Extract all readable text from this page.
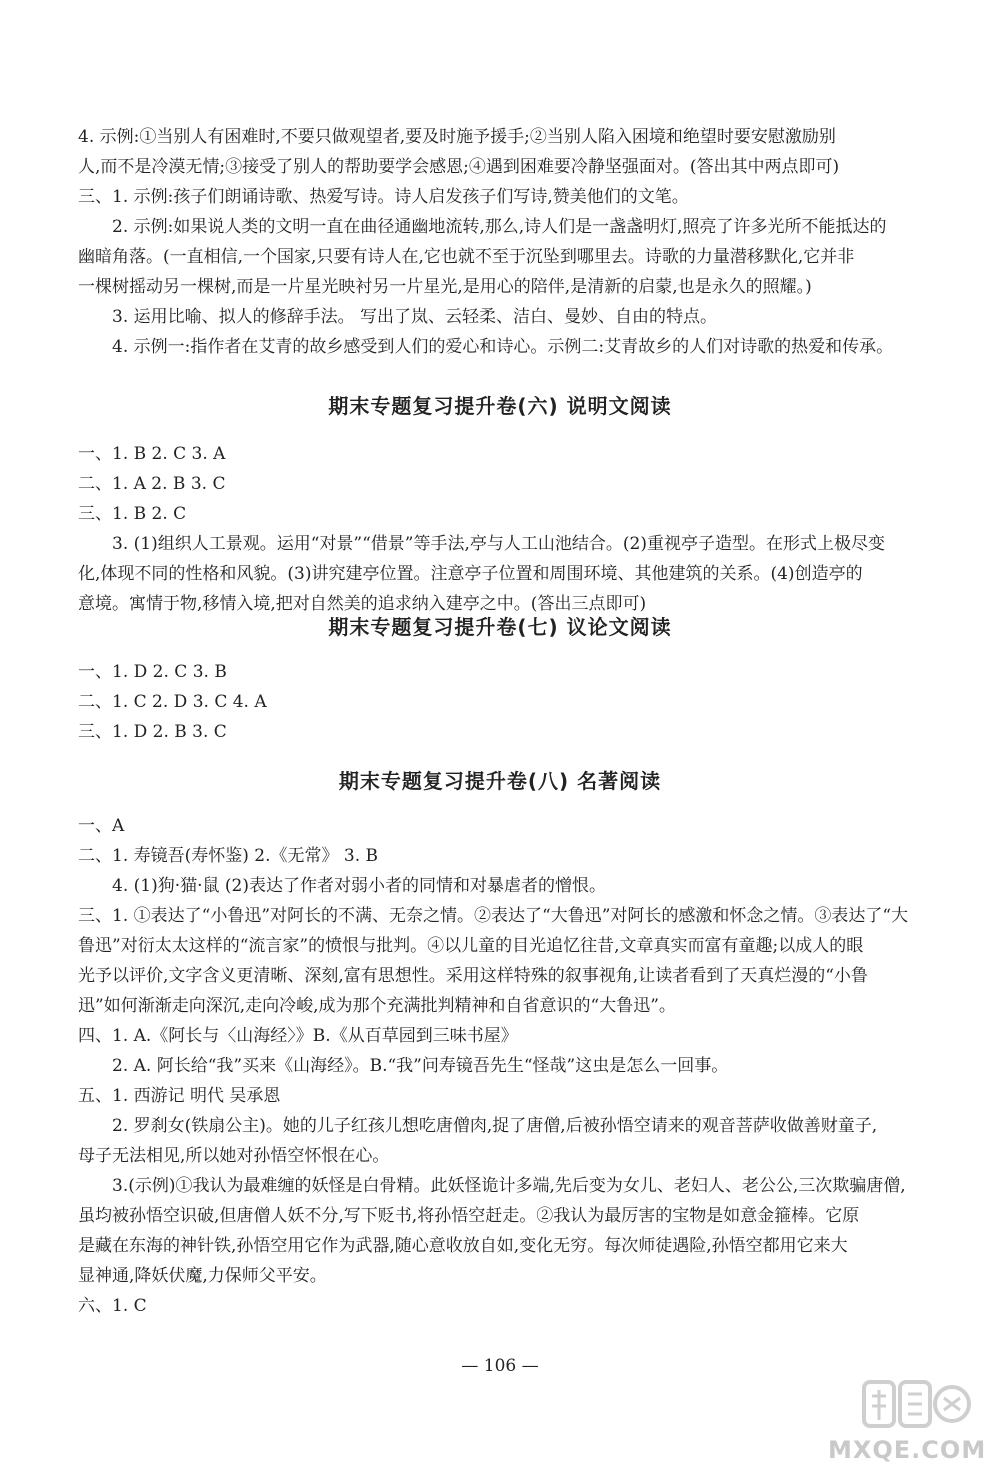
4. 示例:①当别人有困难时,不要只做观望者,要及时施予援手;②当别人陷入困境和绝望时要安慰激励别
人,而不是冷漠无情;③接受了别人的帮助要学会感恩;④遇到困难要冷静坚强面对。(答出其中两点即可)
三、1. 示例:孩子们朗诵诗歌、热爱写诗。诗人启发孩子们写诗,赞美他们的文笔。
2. 示例:如果说人类的文明一直在曲径通幽地流转,那么,诗人们是一盏盏明灯,照亮了许多光所不能抵达的
幽暗角落。(一直相信,一个国家,只要有诗人在,它也就不至于沉坠到哪里去。诗歌的力量潜移默化,它并非
一棵树摇动另一棵树,而是一片星光映衬另一片星光,是用心的陪伴,是清新的启蒙,也是永久的照耀。)
3. 运用比喻、拟人的修辞手法。 写出了岚、云轻柔、洁白、曼妙、自由的特点。
4. 示例一:指作者在艾青的故乡感受到人们的爱心和诗心。示例二:艾青故乡的人们对诗歌的热爱和传承。
期末专题复习提升卷(六) 说明文阅读
一、1. B 2. C 3. A
二、1. A 2. B 3. C
三、1. B 2. C
3. (1)组织人工景观。运用“对景”“借景”等手法,亭与人工山池结合。(2)重视亭子造型。在形式上极尽变
化,体现不同的性格和风貌。(3)讲究建亭位置。注意亭子位置和周围环境、其他建筑的关系。(4)创造亭的
意境。寓情于物,移情入境,把对自然美的追求纳入建亭之中。(答出三点即可)
期末专题复习提升卷(七) 议论文阅读
一、1. D 2. C 3. B
二、1. C 2. D 3. C 4. A
三、1. D 2. B 3. C
期末专题复习提升卷(八) 名著阅读
一、A
二、1. 寿镜吾(寿怀鉴) 2.《无常》 3. B
4. (1)狗·猫·鼠 (2)表达了作者对弱小者的同情和对暴虐者的憎恨。
三、1. ①表达了“小鲁迅”对阿长的不满、无奈之情。②表达了“大鲁迅”对阿长的感激和怀念之情。③表达了“大
鲁迅”对衍太太这样的“流言家”的愤恨与批判。④以儿童的目光追忆往昔,文章真实而富有童趣;以成人的眼
光予以评价,文字含义更清晰、深刻,富有思想性。采用这样特殊的叙事视角,让读者看到了天真烂漫的“小鲁
迅”如何渐渐走向深沉,走向冷峻,成为那个充满批判精神和自省意识的“大鲁迅”。
四、1. A.《阿长与〈山海经〉》B.《从百草园到三味书屋》
2. A. 阿长给“我”买来《山海经》。B.“我”问寿镜吾先生“怪哉”这虫是怎么一回事。
五、1. 西游记 明代 吴承恩
2. 罗刹女(铁扇公主)。她的儿子红孩儿想吃唐僧肉,捉了唐僧,后被孙悟空请来的观音菩萨收做善财童子,
母子无法相见,所以她对孙悟空怀恨在心。
3.(示例)①我认为最难缠的妖怪是白骨精。此妖怪诡计多端,先后变为女儿、老妇人、老公公,三次欺骗唐僧,
虽均被孙悟空识破,但唐僧人妖不分,写下贬书,将孙悟空赶走。②我认为最厉害的宝物是如意金箍棒。它原
是藏在东海的神针铁,孙悟空用它作为武器,随心意收放自如,变化无穷。每次师徒遇险,孙悟空都用它来大
显神通,降妖伏魔,力保师父平安。
六、1. C
— 106 —
MXQE.COM
